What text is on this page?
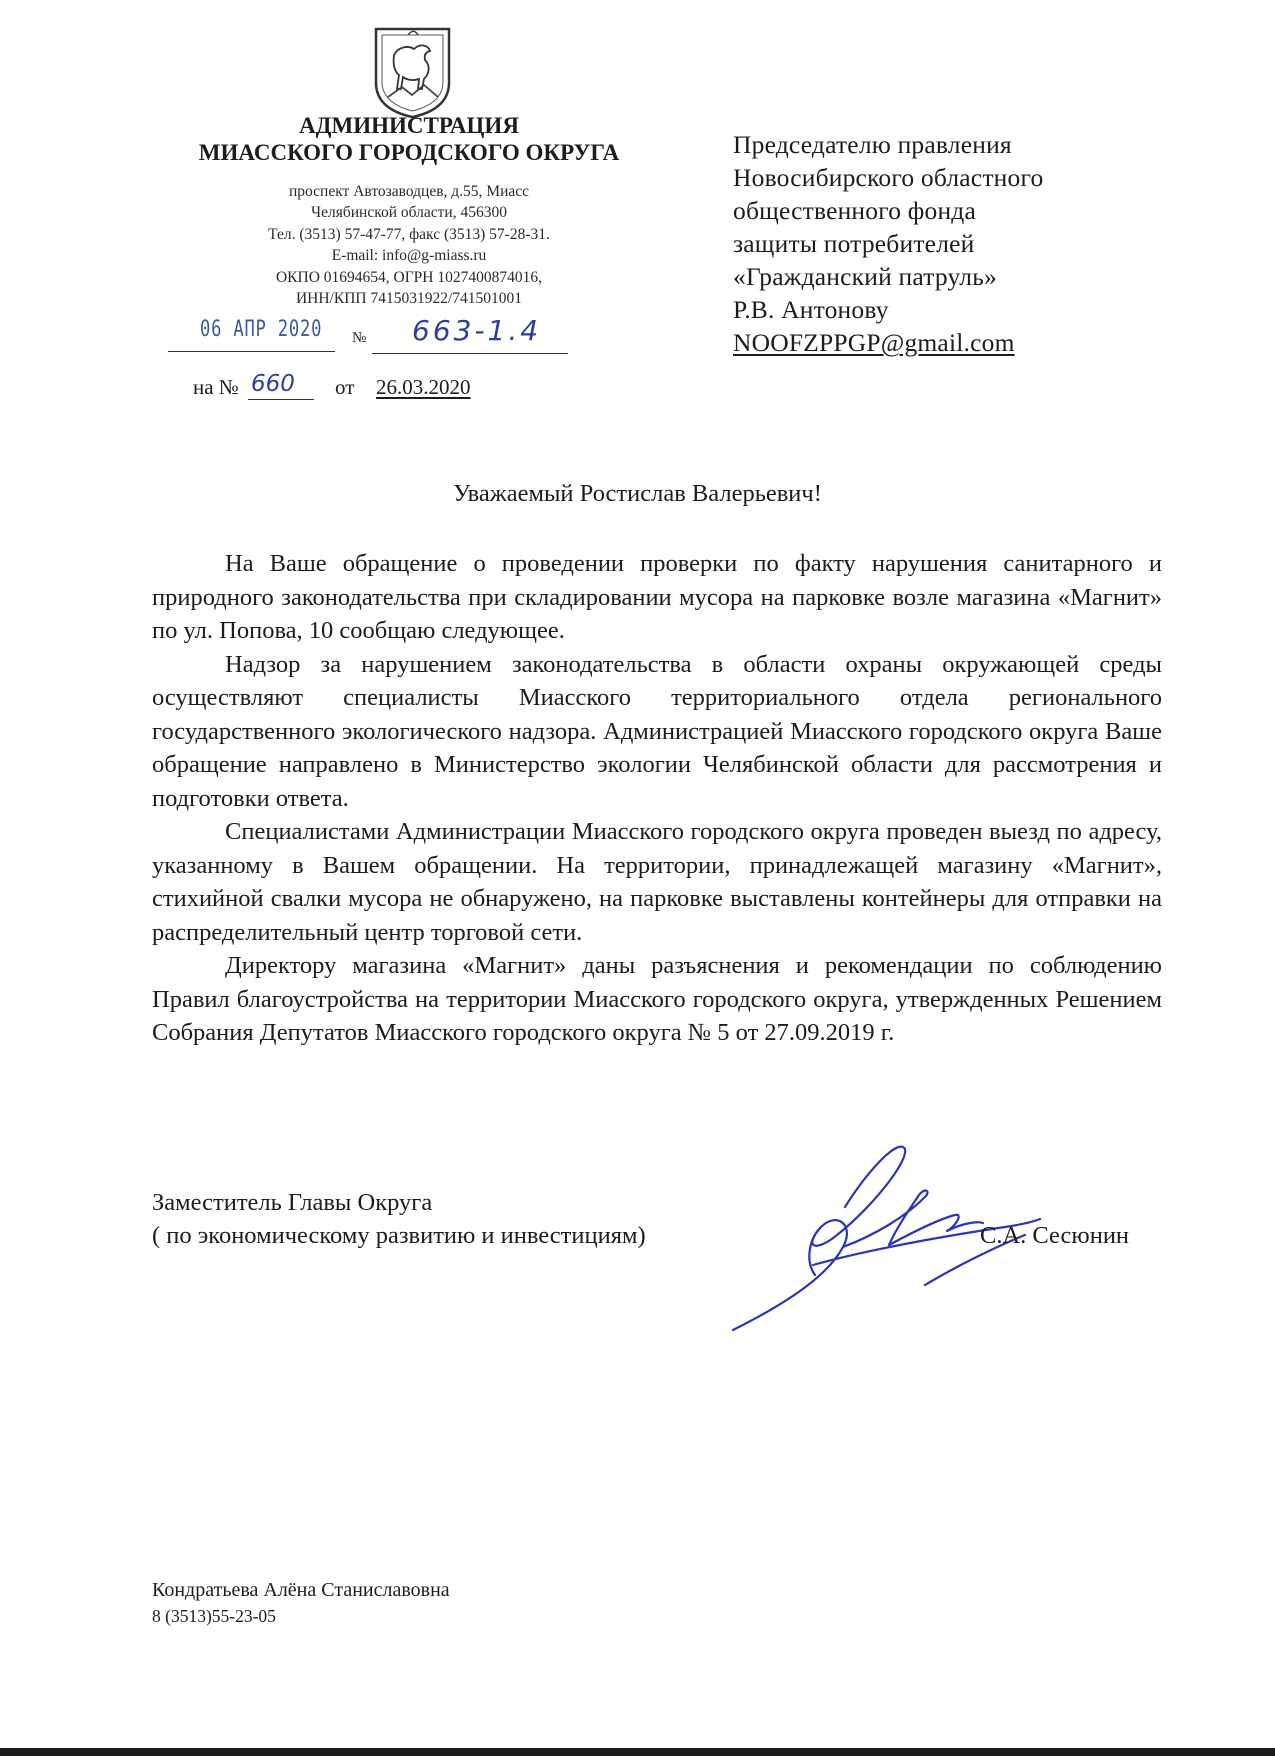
АДМИНИСТРАЦИЯ
МИАССКОГО ГОРОДСКОГО ОКРУГА
проспект Автозаводцев, д.55, Миасс
Челябинской области, 456300
Тел. (3513) 57-47-77, факс (3513) 57-28-31.
E-mail: info@g-miass.ru
ОКПО 01694654, ОГРН 1027400874016,
ИНН/КПП 7415031922/741501001
06 АПР 2020 № 663-1.4
на № 660 от 26.03.2020
Председателю правления
Новосибирского областного
общественного фонда
защиты потребителей
«Гражданский патруль»
Р.В. Антонову
NOOFZPPGP@gmail.com
Уважаемый Ростислав Валерьевич!

На Ваше обращение о проведении проверки по факту нарушения санитарного и природного законодательства при складировании мусора на парковке возле магазина «Магнит» по ул. Попова, 10 сообщаю следующее.

Надзор за нарушением законодательства в области охраны окружающей среды осуществляют специалисты Миасского территориального отдела регионального государственного экологического надзора. Администрацией Миасского городского округа Ваше обращение направлено в Министерство экологии Челябинской области для рассмотрения и подготовки ответа.

Специалистами Администрации Миасского городского округа проведен выезд по адресу, указанному в Вашем обращении. На территории, принадлежащей магазину «Магнит», стихийной свалки мусора не обнаружено, на парковке выставлены контейнеры для отправки на распределительный центр торговой сети.

Директору магазина «Магнит» даны разъяснения и рекомендации по соблюдению Правил благоустройства на территории Миасского городского округа, утвержденных Решением Собрания Депутатов Миасского городского округа № 5 от 27.09.2019 г.

Заместитель Главы Округа
( по экономическому развитию и инвестициям)	С.А. Сесюнин
Кондратьева Алёна Станиславовна
8 (3513)55-23-05
